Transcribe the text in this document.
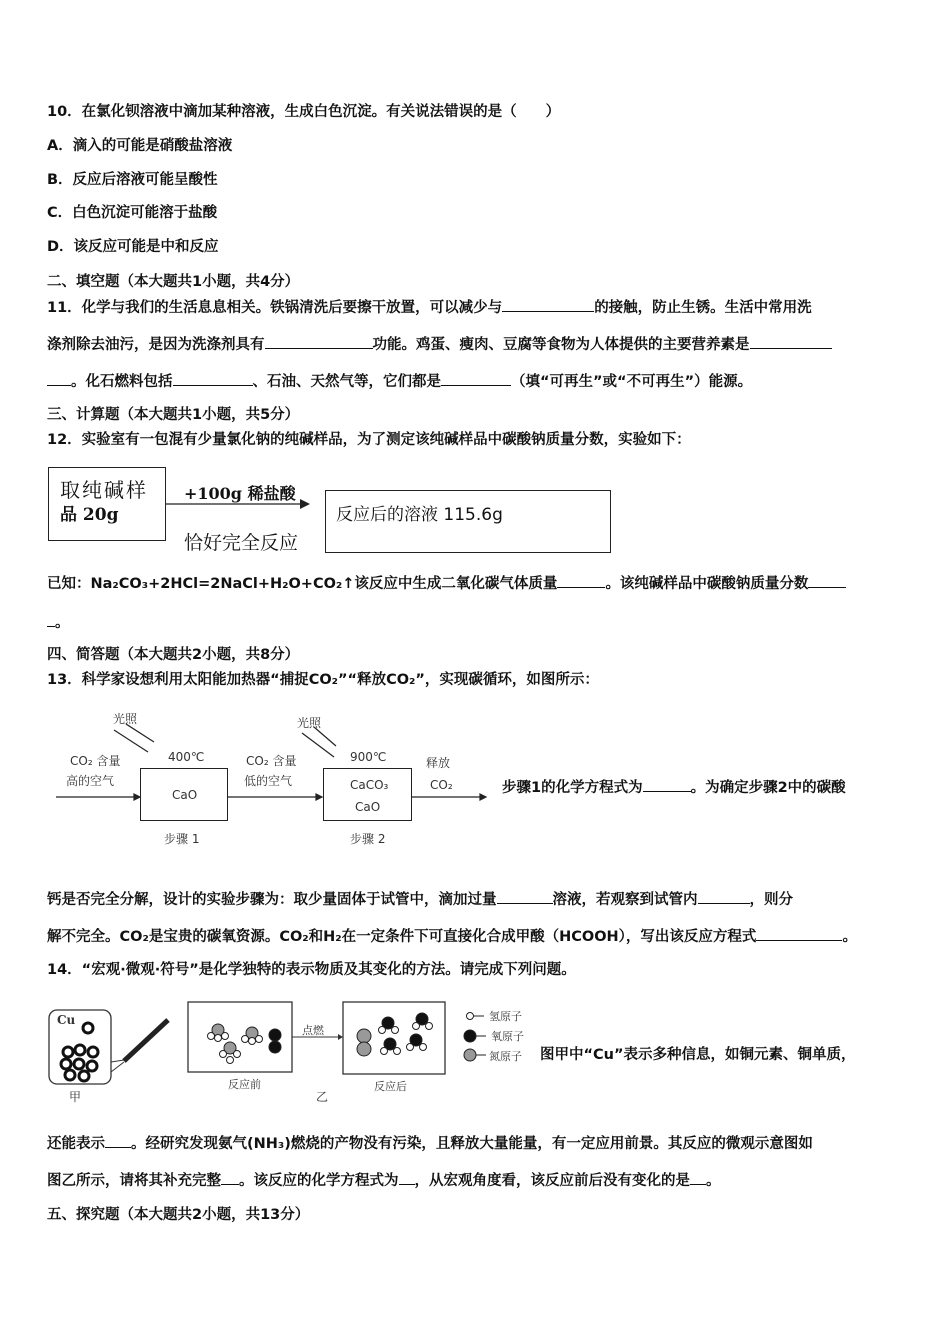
10．在氯化钡溶液中滴加某种溶液，生成白色沉淀。有关说法错误的是（　　）
A．滴入的可能是硝酸盐溶液
B．反应后溶液可能呈酸性
C．白色沉淀可能溶于盐酸
D．该反应可能是中和反应
二、填空题（本大题共1小题，共4分）
11．化学与我们的生活息息相关。铁锅清洗后要擦干放置，可以减少与	的接触，防止生锈。生活中常用洗
涤剂除去油污，是因为洗涤剂具有	功能。鸡蛋、瘦肉、豆腐等食物为人体提供的主要营养素是
。化石燃料包括	、石油、天然气等，它们都是	（填“可再生”或“不可再生”）能源。
三、计算题（本大题共1小题，共5分）
12．实验室有一包混有少量氯化钠的纯碱样品，为了测定该纯碱样品中碳酸钠质量分数，实验如下：
取纯碱样
品 20g
+100g 稀盐酸
恰好完全反应
反应后的溶液 115.6g
已知：Na₂CO₃+2HCl=2NaCl+H₂O+CO₂↑该反应中生成二氧化碳气体质量	。该纯碱样品中碳酸钠质量分数
。
四、简答题（本大题共2小题，共8分）
13．科学家设想利用太阳能加热器“捕捉CO₂”“释放CO₂”，实现碳循环，如图所示：
光照	光照
CO₂ 含量
高的空气
400℃
CaO
CO₂ 含量
低的空气
900℃
CaCO₃
CaO
释放
CO₂
步骤 1	步骤 2
步骤1的化学方程式为	。为确定步骤2中的碳酸
钙是否完全分解，设计的实验步骤为：取少量固体于试管中，滴加过量	溶液，若观察到试管内	，则分
解不完全。CO₂是宝贵的碳氧资源。CO₂和H₂在一定条件下可直接化合成甲酸（HCOOH），写出该反应方程式	。
14．“宏观·微观·符号”是化学独特的表示物质及其变化的方法。请完成下列问题。
Cu
甲
反应前
点燃
反应后
乙
氢原子
氧原子
氮原子 图甲中“Cu”表示多种信息，如铜元素、铜单质，
还能表示 。经研究发现氨气(NH₃)燃烧的产物没有污染，且释放大量能量，有一定应用前景。其反应的微观示意图如
图乙所示，请将其补充完整 。该反应的化学方程式为 ，从宏观角度看，该反应前后没有变化的是 。
五、探究题（本大题共2小题，共13分）
